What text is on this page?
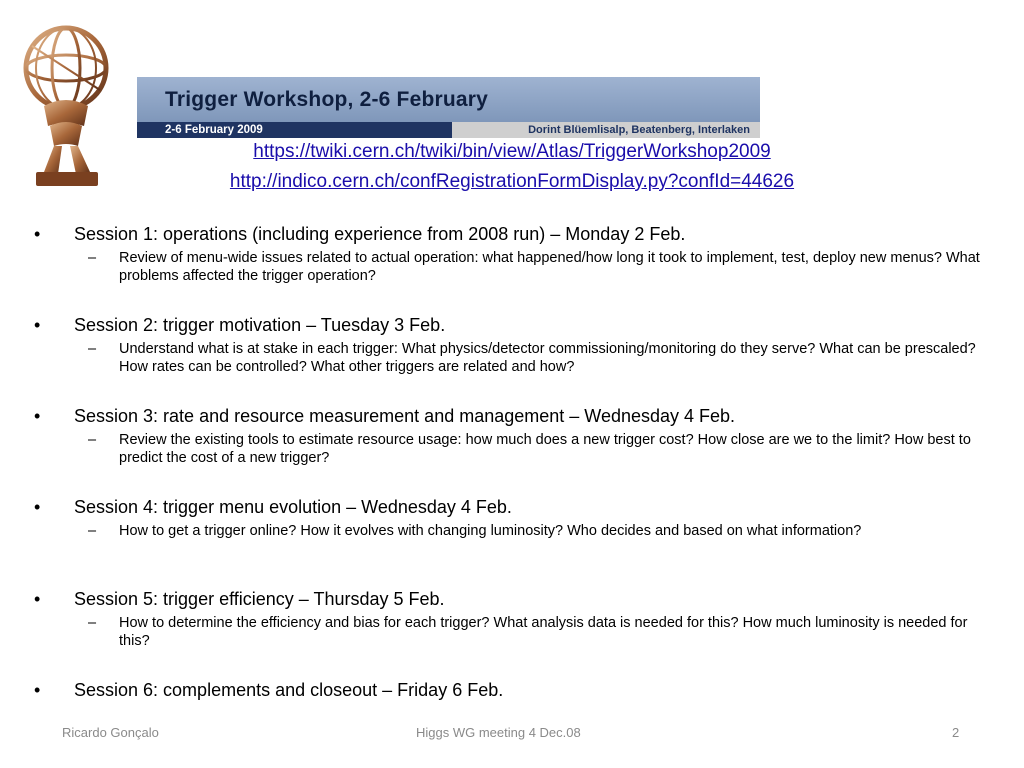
Trigger Workshop, 2-6 February
2-6 February 2009	Dorint Blüemlisalp, Beatenberg, Interlaken
https://twiki.cern.ch/twiki/bin/view/Atlas/TriggerWorkshop2009
http://indico.cern.ch/confRegistrationFormDisplay.py?confId=44626
• Session 1: operations (including experience from 2008 run) – Monday 2 Feb.
– Review of menu-wide issues related to actual operation: what happened/how long it took to implement, test, deploy new menus? What problems affected the trigger operation?
• Session 2: trigger motivation – Tuesday 3 Feb.
– Understand what is at stake in each trigger: What physics/detector commissioning/monitoring do they serve? What can be prescaled? How rates can be controlled? What other triggers are related and how?
• Session 3: rate and resource measurement and management – Wednesday 4 Feb.
– Review the existing tools to estimate resource usage: how much does a new trigger cost? How close are we to the limit? How best to predict the cost of a new trigger?
• Session 4: trigger menu evolution – Wednesday 4 Feb.
– How to get a trigger online? How it evolves with changing luminosity? Who decides and based on what information?
• Session 5: trigger efficiency – Thursday 5 Feb.
– How to determine the efficiency and bias for each trigger? What analysis data is needed for this? How much luminosity is needed for this?
• Session 6: complements and closeout – Friday 6 Feb.
Ricardo Gonçalo	Higgs WG meeting 4 Dec.08	2
